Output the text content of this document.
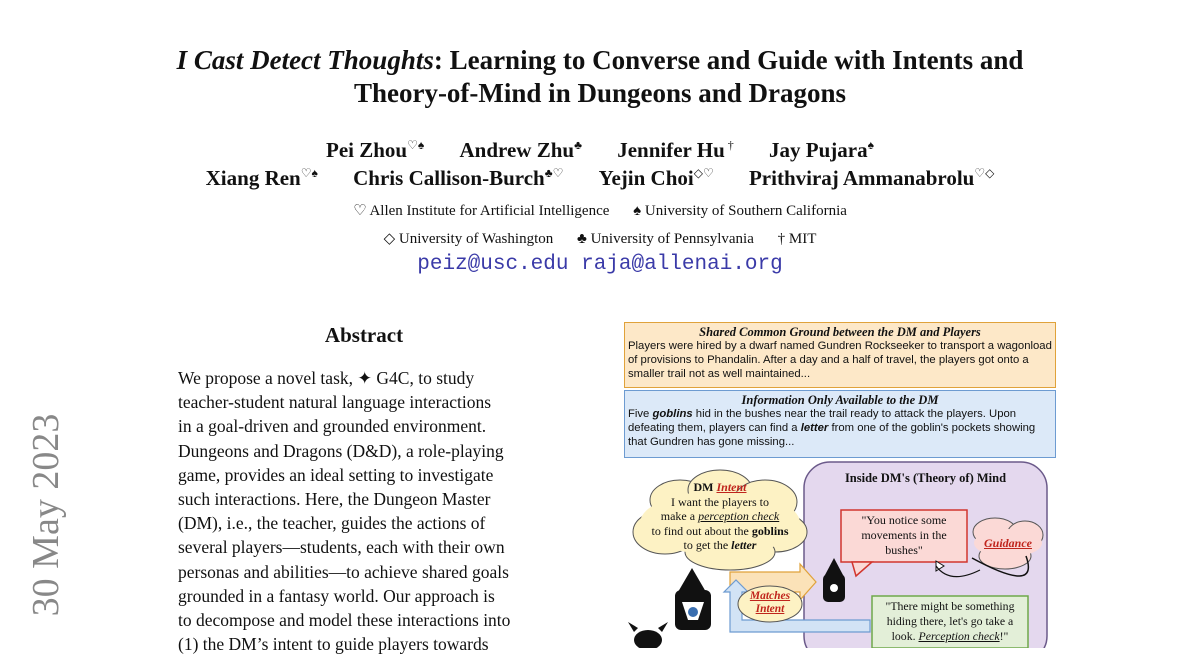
I Cast Detect Thoughts: Learning to Converse and Guide with Intents and
Theory-of-Mind in Dungeons and Dragons
Pei Zhou♡♠ Andrew Zhu♣ Jennifer Hu † Jay Pujara♠
Xiang Ren♡♠ Chris Callison-Burch♣♡ Yejin Choi◇♡ Prithviraj Ammanabrolu♡◇
♡ Allen Institute for Artificial Intelligence ♠ University of Southern California
◇ University of Washington ♣ University of Pennsylvania † MIT
peiz@usc.edu raja@allenai.org
30 May 2023
Abstract
We propose a novel task, ✦ G4C, to study
teacher-student natural language interactions
in a goal-driven and grounded environment.
Dungeons and Dragons (D&D), a role-playing
game, provides an ideal setting to investigate
such interactions. Here, the Dungeon Master
(DM), i.e., the teacher, guides the actions of
several players—students, each with their own
personas and abilities—to achieve shared goals
grounded in a fantasy world. Our approach is
to decompose and model these interactions into
(1) the DM’s intent to guide players towards
Shared Common Ground between the DM and Players
Players were hired by a dwarf named Gundren Rockseeker to transport a wagonload of provisions to Phandalin. After a day and a half of travel, the players got onto a smaller trail not as well maintained...
Information Only Available to the DM
Five goblins hid in the bushes near the trail ready to attack the players. Upon defeating them, players can find a letter from one of the goblin's pockets showing that Gundren has gone missing...
DM Intent
I want the players to
make a perception check
to find out about the goblins
to get the letter
Inside DM's (Theory of) Mind
"You notice some movements in the bushes"	Guidance
Matches Intent	"There might be something hiding there, let's go take a look. Perception check!"
